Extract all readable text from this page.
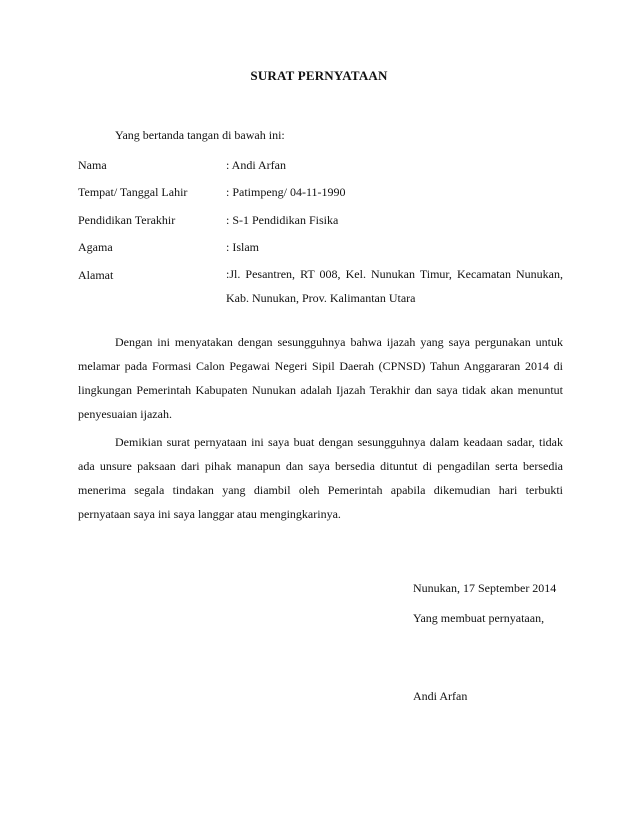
SURAT PERNYATAAN
Yang bertanda tangan di bawah ini:
Nama	: Andi Arfan
Tempat/ Tanggal Lahir	: Patimpeng/ 04-11-1990
Pendidikan Terakhir	: S-1 Pendidikan Fisika
Agama	: Islam
Alamat	:Jl. Pesantren, RT 008, Kel. Nunukan Timur, Kecamatan Nunukan, Kab. Nunukan, Prov. Kalimantan Utara

Dengan ini menyatakan dengan sesungguhnya bahwa ijazah yang saya pergunakan untuk melamar pada Formasi Calon Pegawai Negeri Sipil Daerah (CPNSD) Tahun Anggararan 2014 di lingkungan Pemerintah Kabupaten Nunukan adalah Ijazah Terakhir dan saya tidak akan menuntut penyesuaian ijazah.

Demikian surat pernyataan ini saya buat dengan sesungguhnya dalam keadaan sadar, tidak ada unsure paksaan dari pihak manapun dan saya bersedia dituntut di pengadilan serta bersedia menerima segala tindakan yang diambil oleh Pemerintah apabila dikemudian hari terbukti pernyataan saya ini saya langgar atau mengingkarinya.

Nunukan, 17 September 2014
Yang membuat pernyataan,
Andi Arfan
